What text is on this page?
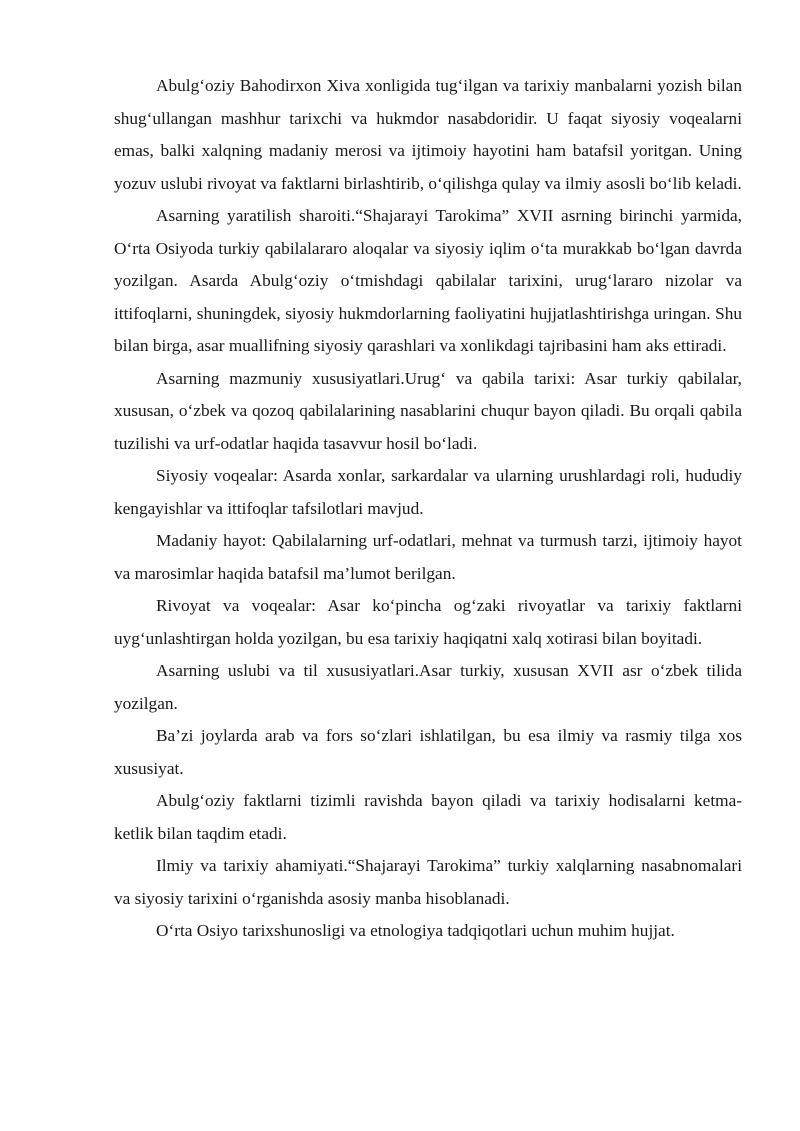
Abulg‘oziy Bahodirxon Xiva xonligida tug‘ilgan va tarixiy manbalarni yozish bilan shug‘ullangan mashhur tarixchi va hukmdor nasabdoridir. U faqat siyosiy voqealarni emas, balki xalqning madaniy merosi va ijtimoiy hayotini ham batafsil yoritgan. Uning yozuv uslubi rivoyat va faktlarni birlashtirib, o‘qilishga qulay va ilmiy asosli bo‘lib keladi.

Asarning yaratilish sharoiti.“Shajarayi Tarokima” XVII asrning birinchi yarmida, O‘rta Osiyoda turkiy qabilalararo aloqalar va siyosiy iqlim o‘ta murakkab bo‘lgan davrda yozilgan. Asarda Abulg‘oziy o‘tmishdagi qabilalar tarixini, urug‘lararo nizolar va ittifoqlarni, shuningdek, siyosiy hukmdorlarning faoliyatini hujjatlashtirishga uringan. Shu bilan birga, asar muallifning siyosiy qarashlari va xonlikdagi tajribasini ham aks ettiradi.

Asarning mazmuniy xususiyatlari.Urug‘ va qabila tarixi: Asar turkiy qabilalar, xususan, o‘zbek va qozoq qabilalarining nasablarini chuqur bayon qiladi. Bu orqali qabila tuzilishi va urf-odatlar haqida tasavvur hosil bo‘ladi.

Siyosiy voqealar: Asarda xonlar, sarkardalar va ularning urushlardagi roli, hududiy kengayishlar va ittifoqlar tafsilotlari mavjud.

Madaniy hayot: Qabilalarning urf-odatlari, mehnat va turmush tarzi, ijtimoiy hayot va marosimlar haqida batafsil ma’lumot berilgan.

Rivoyat va voqealar: Asar ko‘pincha og‘zaki rivoyatlar va tarixiy faktlarni uyg‘unlashtirgan holda yozilgan, bu esa tarixiy haqiqatni xalq xotirasi bilan boyitadi.

Asarning uslubi va til xususiyatlari.Asar turkiy, xususan XVII asr o‘zbek tilida yozilgan.

Ba’zi joylarda arab va fors so‘zlari ishlatilgan, bu esa ilmiy va rasmiy tilga xos xususiyat.

Abulg‘oziy faktlarni tizimli ravishda bayon qiladi va tarixiy hodisalarni ketma-ketlik bilan taqdim etadi.

Ilmiy va tarixiy ahamiyati.“Shajarayi Tarokima” turkiy xalqlarning nasabnomalari va siyosiy tarixini o‘rganishda asosiy manba hisoblanadi.

O‘rta Osiyo tarixshunosligi va etnologiya tadqiqotlari uchun muhim hujjat.
